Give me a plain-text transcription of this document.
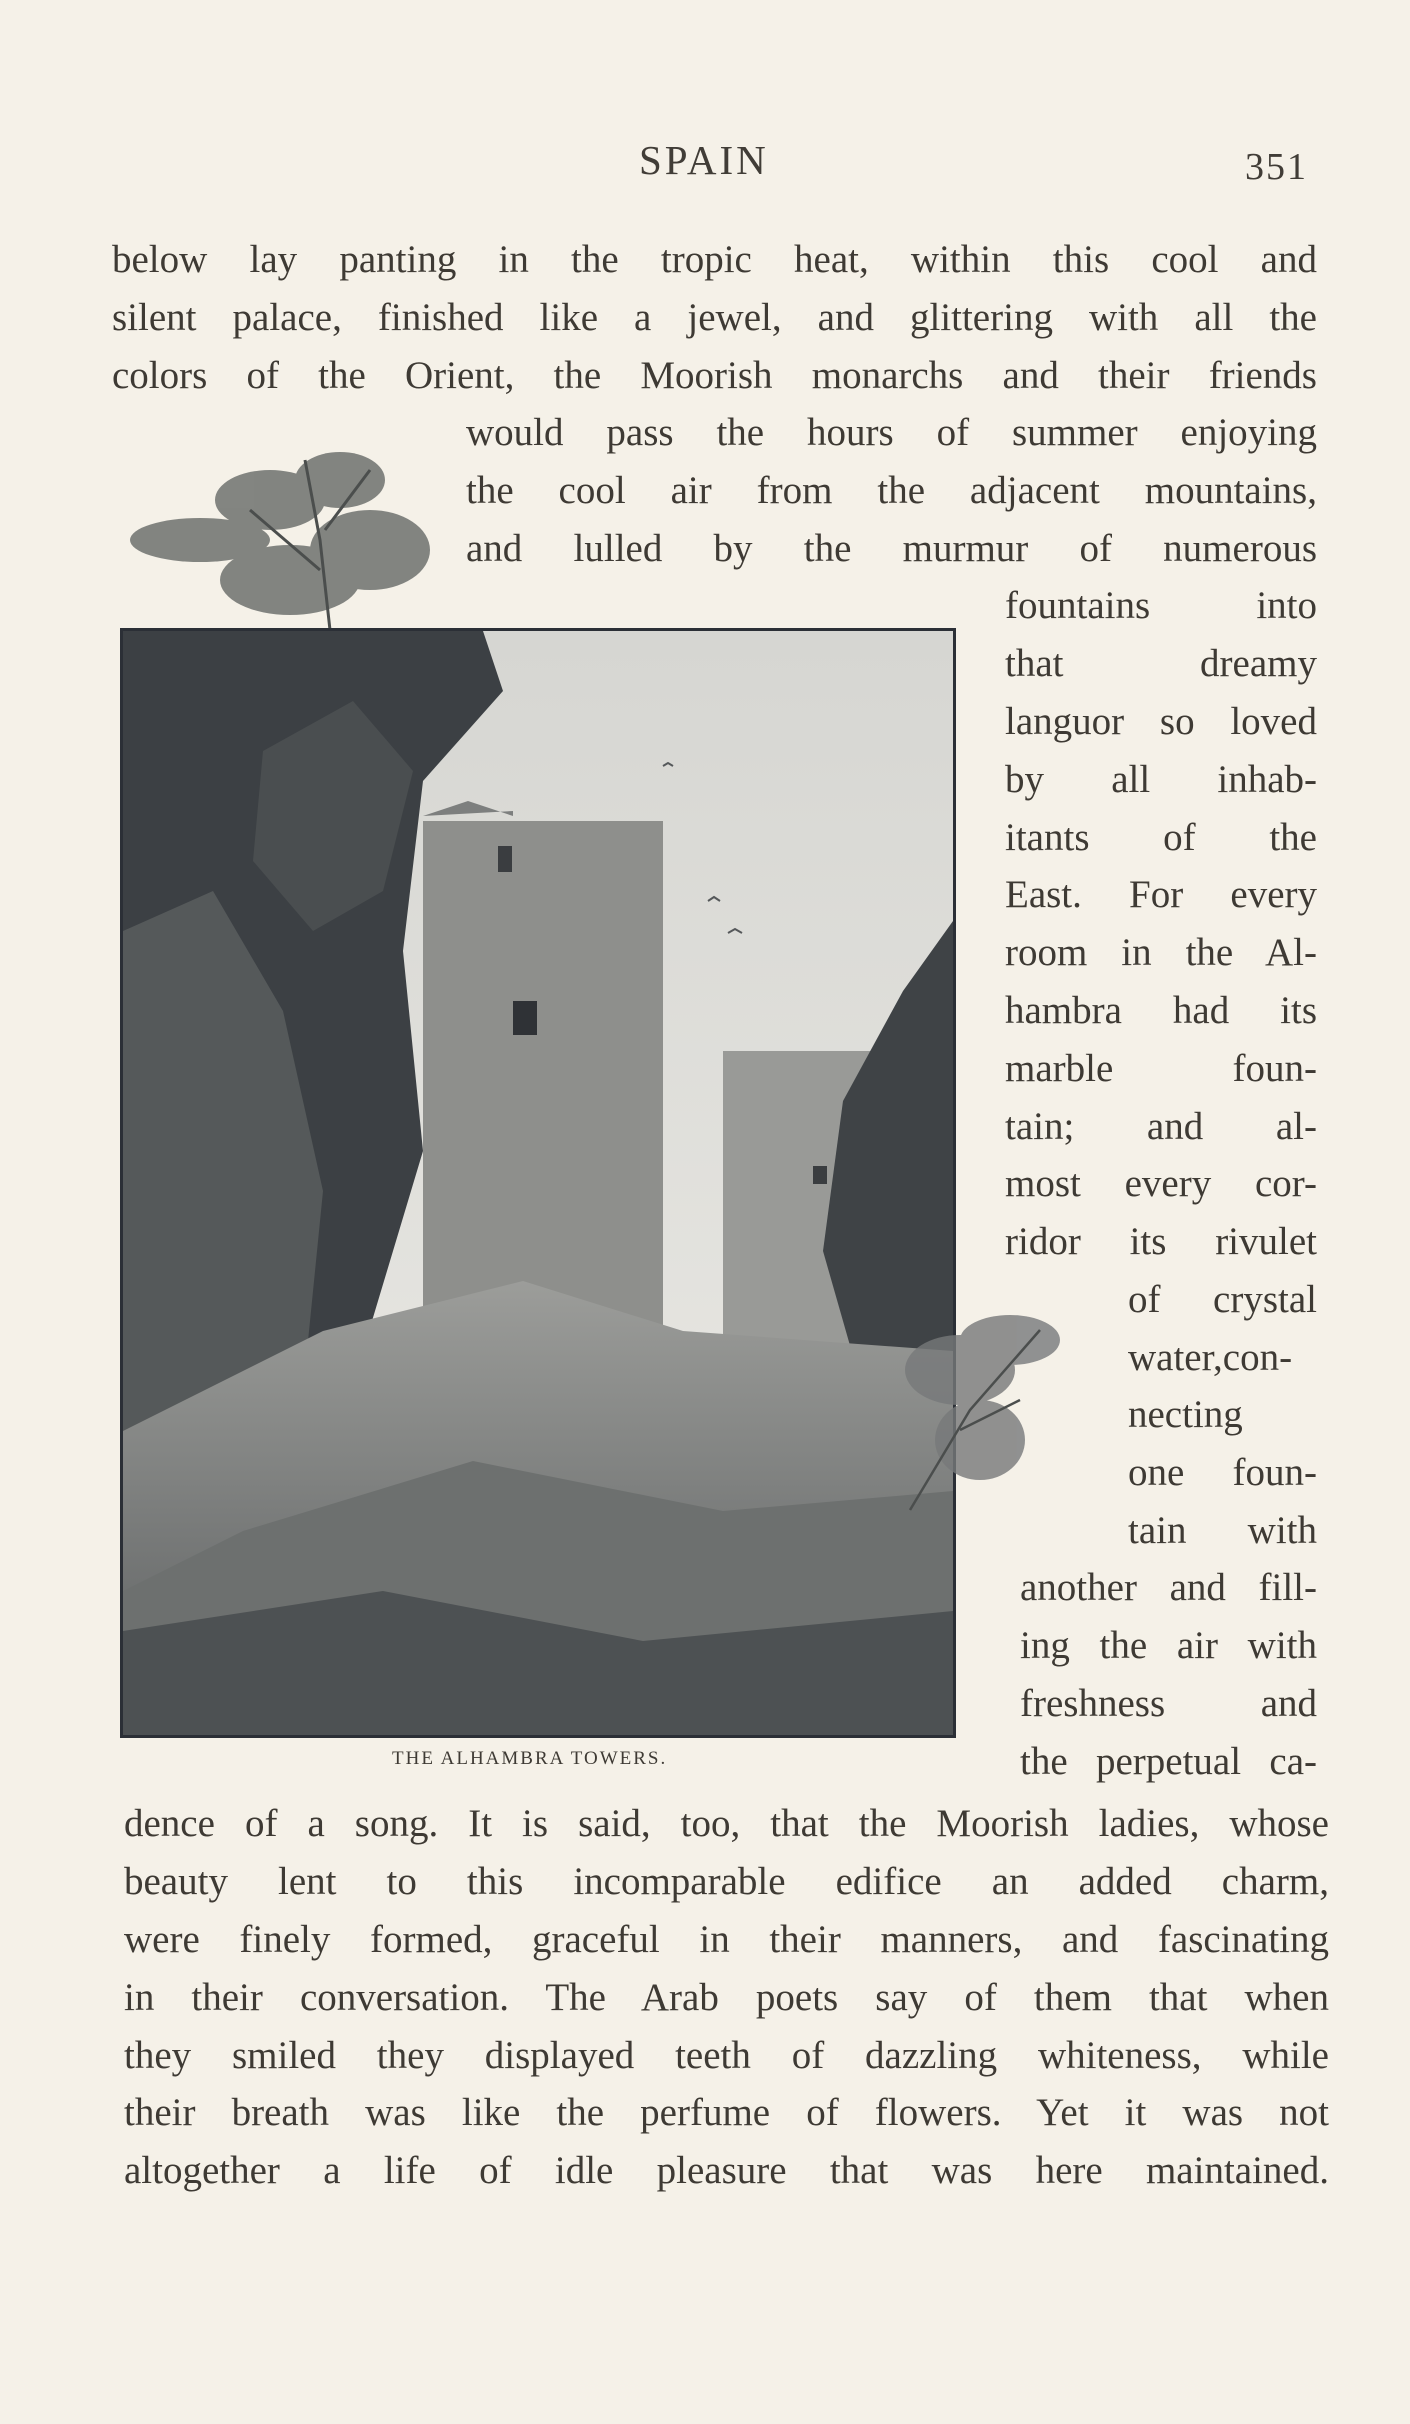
SPAIN	351
below lay panting in the tropic heat, within this cool and
silent palace, finished like a jewel, and glittering with all the
colors of the Orient, the Moorish monarchs and their friends
would pass the hours of summer enjoying
the cool air from the adjacent mountains,
and lulled by the murmur of numerous
fountains into
that dreamy
languor so loved
by all inhab-
itants of the
East. For every
room in the Al-
hambra had its
marble foun-
tain; and al-
most every cor-
ridor its rivulet
of crystal
water,con-
necting
one foun-
tain with
another and fill-
ing the air with
freshness and
the perpetual ca-
dence of a song. It is said, too, that the Moorish ladies, whose
beauty lent to this incomparable edifice an added charm,
were finely formed, graceful in their manners, and fascinating
in their conversation. The Arab poets say of them that when
they smiled they displayed teeth of dazzling whiteness, while
their breath was like the perfume of flowers. Yet it was not
altogether a life of idle pleasure that was here maintained.
THE ALHAMBRA TOWERS.
